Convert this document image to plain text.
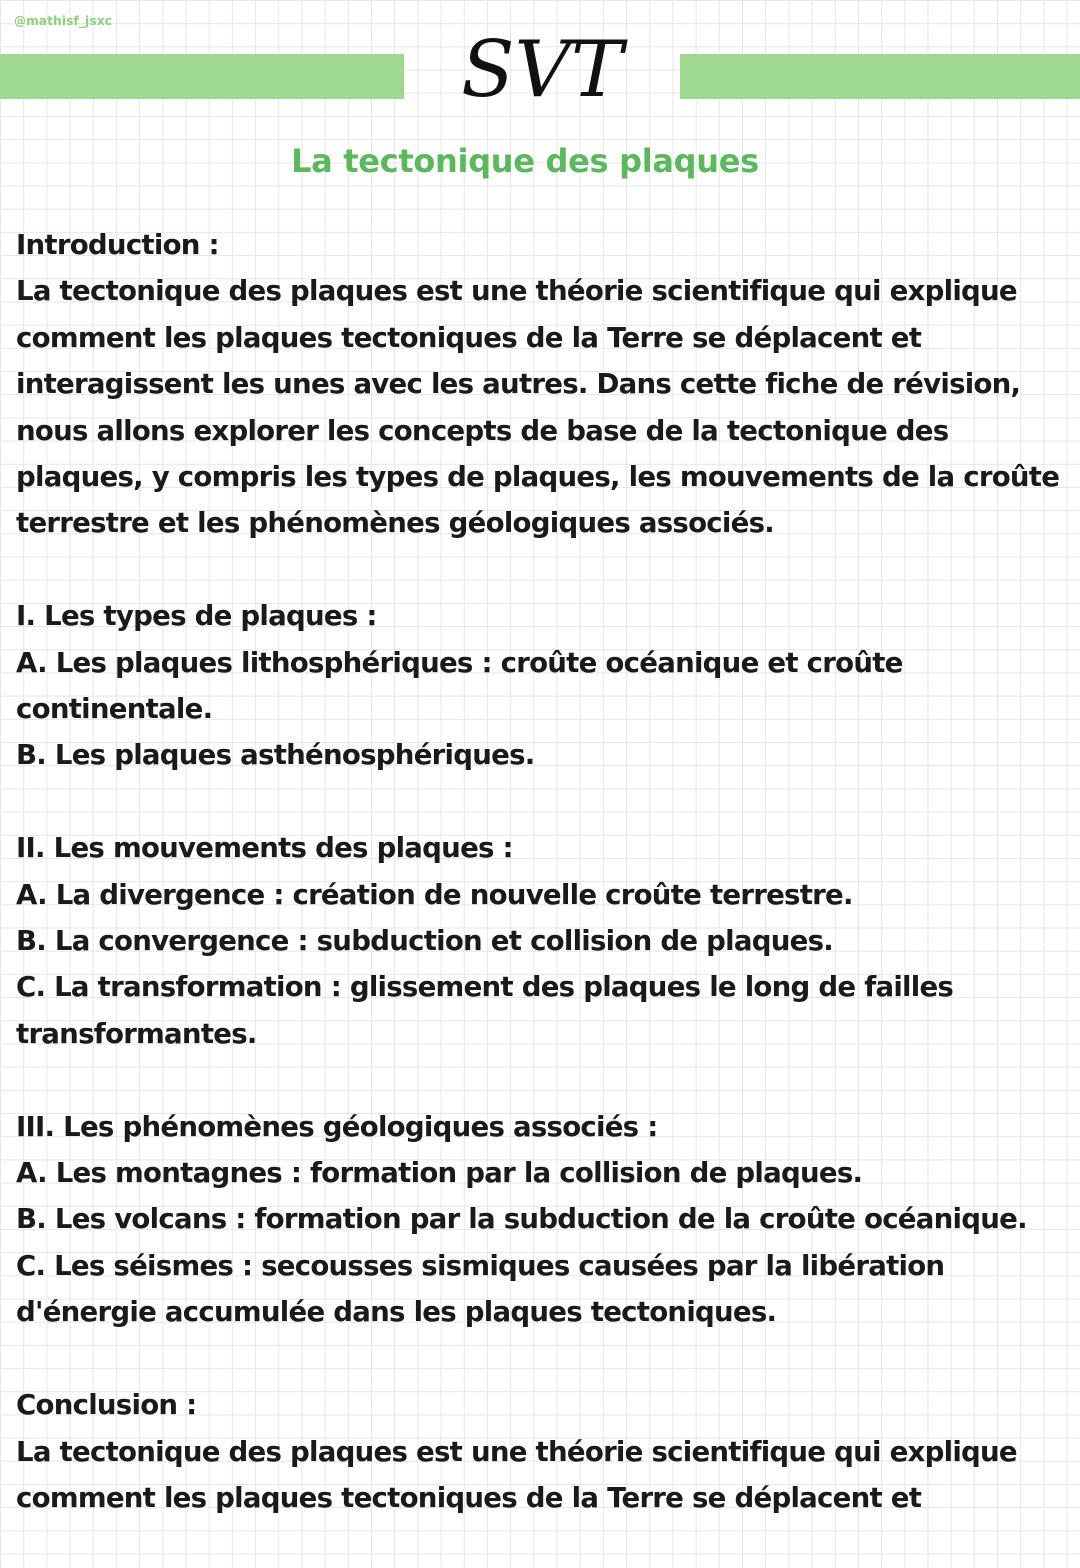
@mathisf_jsxc
SVT
La tectonique des plaques
Introduction :
La tectonique des plaques est une théorie scientifique qui explique
comment les plaques tectoniques de la Terre se déplacent et
interagissent les unes avec les autres. Dans cette fiche de révision,
nous allons explorer les concepts de base de la tectonique des
plaques, y compris les types de plaques, les mouvements de la croûte
terrestre et les phénomènes géologiques associés.
I. Les types de plaques :
A. Les plaques lithosphériques : croûte océanique et croûte
continentale.
B. Les plaques asthénosphériques.
II. Les mouvements des plaques :
A. La divergence : création de nouvelle croûte terrestre.
B. La convergence : subduction et collision de plaques.
C. La transformation : glissement des plaques le long de failles
transformantes.
III. Les phénomènes géologiques associés :
A. Les montagnes : formation par la collision de plaques.
B. Les volcans : formation par la subduction de la croûte océanique.
C. Les séismes : secousses sismiques causées par la libération
d'énergie accumulée dans les plaques tectoniques.
Conclusion :
La tectonique des plaques est une théorie scientifique qui explique
comment les plaques tectoniques de la Terre se déplacent et
